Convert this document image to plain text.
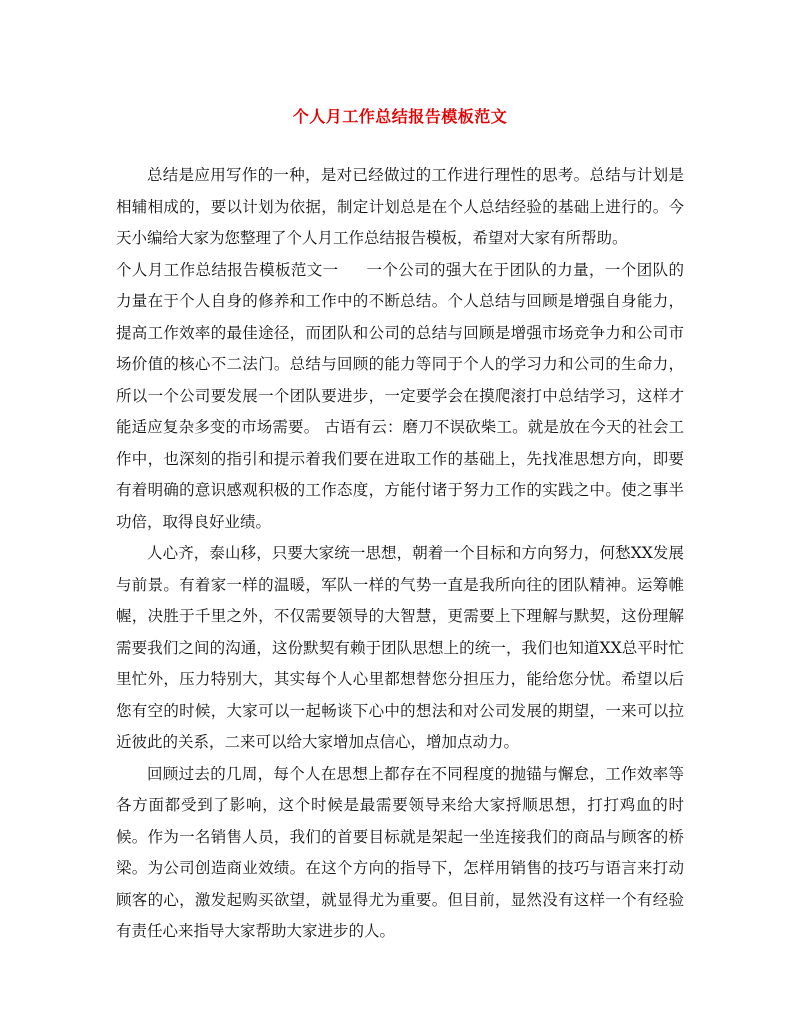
个人月工作总结报告模板范文

总结是应用写作的一种，是对已经做过的工作进行理性的思考。总结与计划是相辅相成的，要以计划为依据，制定计划总是在个人总结经验的基础上进行的。今天小编给大家为您整理了个人月工作总结报告模板，希望对大家有所帮助。

个人月工作总结报告模板范文一 一个公司的强大在于团队的力量，一个团队的力量在于个人自身的修养和工作中的不断总结。个人总结与回顾是增强自身能力，提高工作效率的最佳途径，而团队和公司的总结与回顾是增强市场竞争力和公司市场价值的核心不二法门。总结与回顾的能力等同于个人的学习力和公司的生命力，所以一个公司要发展一个团队要进步，一定要学会在摸爬滚打中总结学习，这样才能适应复杂多变的市场需要。 古语有云：磨刀不误砍柴工。就是放在今天的社会工作中，也深刻的指引和提示着我们要在进取工作的基础上，先找准思想方向，即要有着明确的意识感观积极的工作态度，方能付诸于努力工作的实践之中。使之事半功倍，取得良好业绩。

人心齐，泰山移，只要大家统一思想，朝着一个目标和方向努力，何愁XX发展与前景。有着家一样的温暖，军队一样的气势一直是我所向往的团队精神。运筹帷幄，决胜于千里之外，不仅需要领导的大智慧，更需要上下理解与默契，这份理解需要我们之间的沟通，这份默契有赖于团队思想上的统一，我们也知道XX总平时忙里忙外，压力特别大，其实每个人心里都想替您分担压力，能给您分忧。希望以后您有空的时候，大家可以一起畅谈下心中的想法和对公司发展的期望，一来可以拉近彼此的关系，二来可以给大家增加点信心，增加点动力。

回顾过去的几周，每个人在思想上都存在不同程度的抛锚与懈怠，工作效率等各方面都受到了影响，这个时候是最需要领导来给大家捋顺思想，打打鸡血的时候。作为一名销售人员，我们的首要目标就是架起一坐连接我们的商品与顾客的桥梁。为公司创造商业效绩。在这个方向的指导下，怎样用销售的技巧与语言来打动顾客的心，激发起购买欲望，就显得尤为重要。但目前，显然没有这样一个有经验有责任心来指导大家帮助大家进步的人。
